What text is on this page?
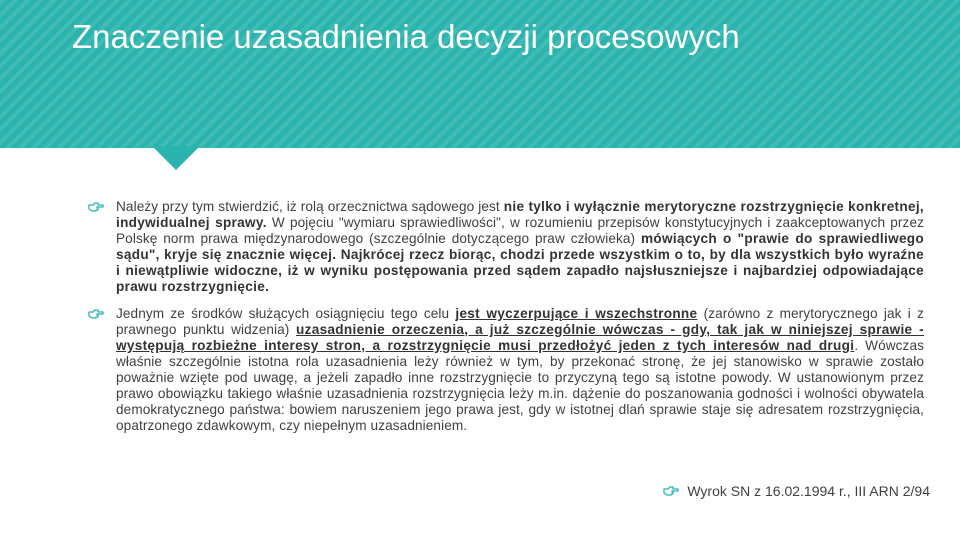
Znaczenie uzasadnienia decyzji procesowych
Należy przy tym stwierdzić, iż rolą orzecznictwa sądowego jest nie tylko i wyłącznie merytoryczne rozstrzygnięcie konkretnej, indywidualnej sprawy. W pojęciu "wymiaru sprawiedliwości", w rozumieniu przepisów konstytucyjnych i zaakceptowanych przez Polskę norm prawa międzynarodowego (szczególnie dotyczącego praw człowieka) mówiących o "prawie do sprawiedliwego sądu", kryje się znacznie więcej. Najkrócej rzecz biorąc, chodzi przede wszystkim o to, by dla wszystkich było wyraźne i niewątpliwie widoczne, iż w wyniku postępowania przed sądem zapadło najsłuszniejsze i najbardziej odpowiadające prawu rozstrzygnięcie.
Jednym ze środków służących osiągnięciu tego celu jest wyczerpujące i wszechstronne (zarówno z merytorycznego jak i z prawnego punktu widzenia) uzasadnienie orzeczenia, a już szczególnie wówczas - gdy, tak jak w niniejszej sprawie - występują rozbieżne interesy stron, a rozstrzygnięcie musi przedłożyć jeden z tych interesów nad drugi. Wówczas właśnie szczególnie istotna rola uzasadnienia leży również w tym, by przekonać stronę, że jej stanowisko w sprawie zostało poważnie wzięte pod uwagę, a jeżeli zapadło inne rozstrzygnięcie to przyczyną tego są istotne powody. W ustanowionym przez prawo obowiązku takiego właśnie uzasadnienia rozstrzygnięcia leży m.in. dążenie do poszanowania godności i wolności obywatela demokratycznego państwa: bowiem naruszeniem jego prawa jest, gdy w istotnej dlań sprawie staje się adresatem rozstrzygnięcia, opatrzonego zdawkowym, czy niepełnym uzasadnieniem.
Wyrok SN z 16.02.1994 r., III ARN 2/94
